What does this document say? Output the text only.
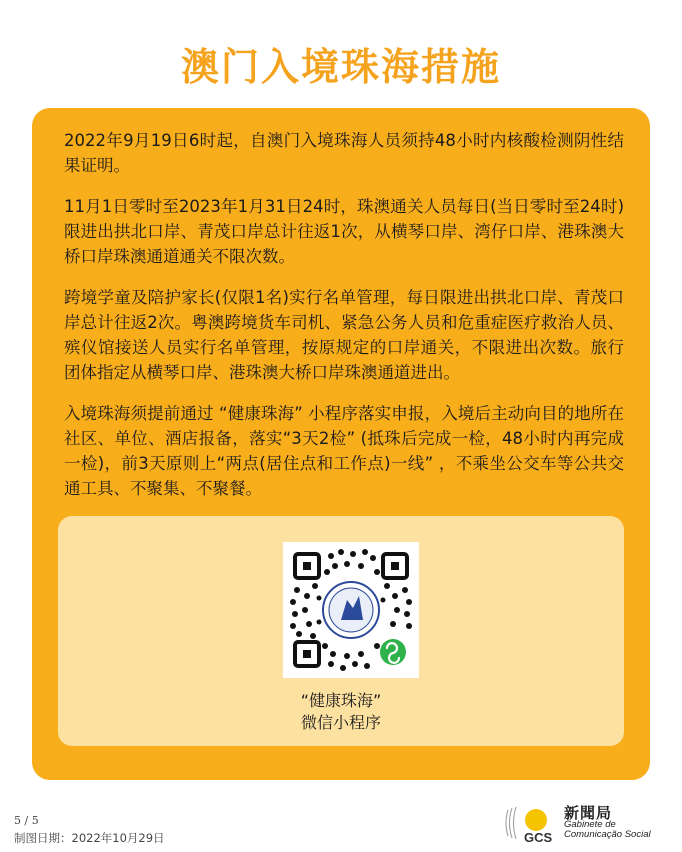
澳门入境珠海措施

2022年9月19日6时起，自澳门入境珠海人员须持48小时内核酸检测阴性结果证明。

11月1日零时至2023年1月31日24时，珠澳通关人员每日(当日零时至24时)限进出拱北口岸、青茂口岸总计往返1次，从横琴口岸、湾仔口岸、港珠澳大桥口岸珠澳通道通关不限次数。

跨境学童及陪护家长(仅限1名)实行名单管理，每日限进出拱北口岸、青茂口岸总计往返2次。粤澳跨境货车司机、紧急公务人员和危重症医疗救治人员、殡仪馆接送人员实行名单管理，按原规定的口岸通关，不限进出次数。旅行团体指定从横琴口岸、港珠澳大桥口岸珠澳通道进出。

入境珠海须提前通过 “健康珠海” 小程序落实申报，入境后主动向目的地所在社区、单位、酒店报备，落实“3天2检” (抵珠后完成一检，48小时内再完成一检)，前3天原则上“两点(居住点和工作点)一线” ，不乘坐公交车等公共交通工具、不聚集、不聚餐。

“健康珠海”
微信小程序
5 / 5
制图日期：2022年10月29日	GCS
新聞局
Gabinete de
Comunicação Social
